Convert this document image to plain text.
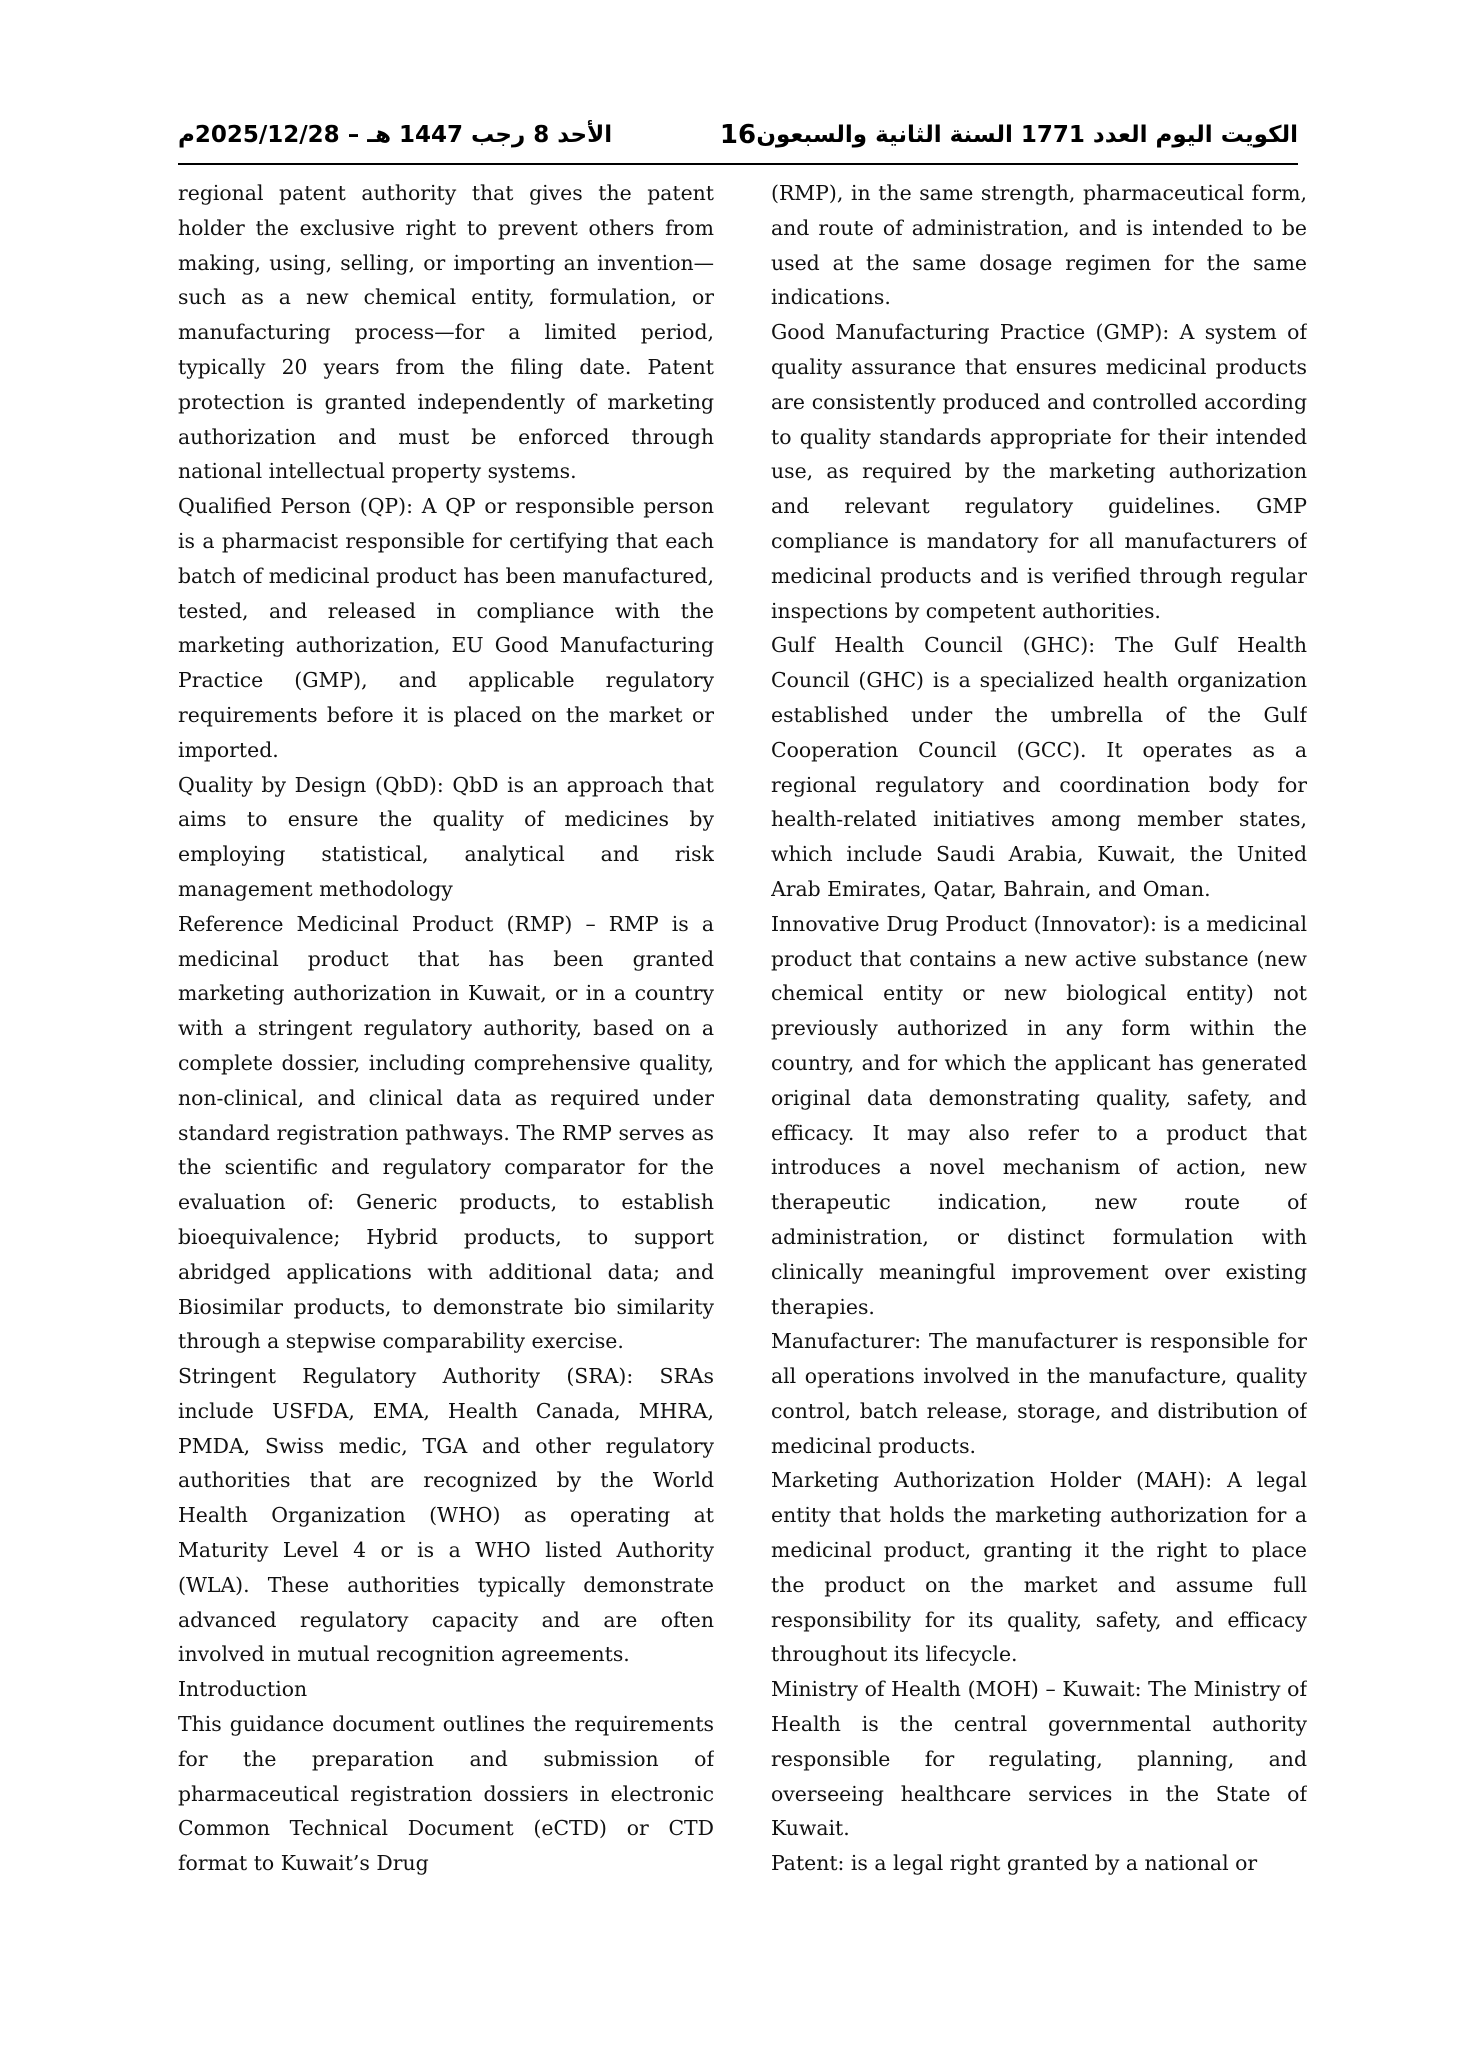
الأحد 8 رجب 1447 هـ – 2025/12/28م	16 الكويت اليوم العدد 1771 السنة الثانية والسبعون

regional patent authority that gives the patent holder the exclusive right to prevent others from making, using, selling, or importing an invention—such as a new chemical entity, formulation, or manufacturing process—for a limited period, typically 20 years from the filing date. Patent protection is granted independently of marketing authorization and must be enforced through national intellectual property systems.

Qualified Person (QP): A QP or responsible person is a pharmacist responsible for certifying that each batch of medicinal product has been manufactured, tested, and released in compliance with the marketing authorization, EU Good Manufacturing Practice (GMP), and applicable regulatory requirements before it is placed on the market or imported.

Quality by Design (QbD): QbD is an approach that aims to ensure the quality of medicines by employing statistical, analytical and risk management methodology

Reference Medicinal Product (RMP) – RMP is a medicinal product that has been granted marketing authorization in Kuwait, or in a country with a stringent regulatory authority, based on a complete dossier, including comprehensive quality, non-clinical, and clinical data as required under standard registration pathways. The RMP serves as the scientific and regulatory comparator for the evaluation of: Generic products, to establish bioequivalence; Hybrid products, to support abridged applications with additional data; and Biosimilar products, to demonstrate bio similarity through a stepwise comparability exercise.

Stringent Regulatory Authority (SRA): SRAs include USFDA, EMA, Health Canada, MHRA, PMDA, Swiss medic, TGA and other regulatory authorities that are recognized by the World Health Organization (WHO) as operating at Maturity Level 4 or is a WHO listed Authority (WLA). These authorities typically demonstrate advanced regulatory capacity and are often involved in mutual recognition agreements.

Introduction

This guidance document outlines the requirements for the preparation and submission of pharmaceutical registration dossiers in electronic Common Technical Document (eCTD) or CTD format to Kuwait’s Drug

(RMP), in the same strength, pharmaceutical form, and route of administration, and is intended to be used at the same dosage regimen for the same indications.

Good Manufacturing Practice (GMP): A system of quality assurance that ensures medicinal products are consistently produced and controlled according to quality standards appropriate for their intended use, as required by the marketing authorization and relevant regulatory guidelines. GMP compliance is mandatory for all manufacturers of medicinal products and is verified through regular inspections by competent authorities.

Gulf Health Council (GHC): The Gulf Health Council (GHC) is a specialized health organization established under the umbrella of the Gulf Cooperation Council (GCC). It operates as a regional regulatory and coordination body for health-related initiatives among member states, which include Saudi Arabia, Kuwait, the United Arab Emirates, Qatar, Bahrain, and Oman.

Innovative Drug Product (Innovator): is a medicinal product that contains a new active substance (new chemical entity or new biological entity) not previously authorized in any form within the country, and for which the applicant has generated original data demonstrating quality, safety, and efficacy. It may also refer to a product that introduces a novel mechanism of action, new therapeutic indication, new route of administration, or distinct formulation with clinically meaningful improvement over existing therapies.

Manufacturer: The manufacturer is responsible for all operations involved in the manufacture, quality control, batch release, storage, and distribution of medicinal products.

Marketing Authorization Holder (MAH): A legal entity that holds the marketing authorization for a medicinal product, granting it the right to place the product on the market and assume full responsibility for its quality, safety, and efficacy throughout its lifecycle.

Ministry of Health (MOH) – Kuwait: The Ministry of Health is the central governmental authority responsible for regulating, planning, and overseeing healthcare services in the State of Kuwait.

Patent: is a legal right granted by a national or
